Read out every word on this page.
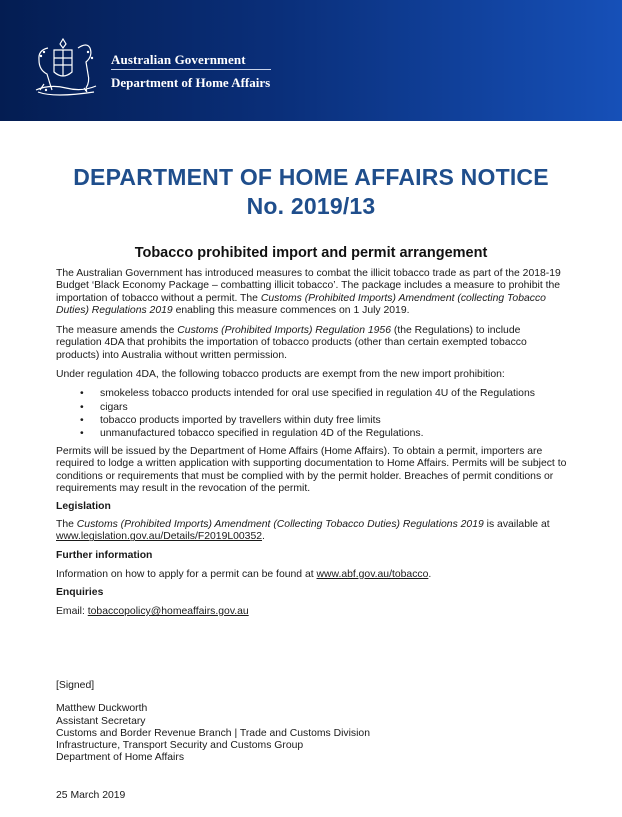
Australian Government
Department of Home Affairs
DEPARTMENT OF HOME AFFAIRS NOTICE
No. 2019/13
Tobacco prohibited import and permit arrangement
The Australian Government has introduced measures to combat the illicit tobacco trade as part of the 2018-19 Budget ‘Black Economy Package – combatting illicit tobacco’. The package includes a measure to prohibit the importation of tobacco without a permit. The Customs (Prohibited Imports) Amendment (collecting Tobacco Duties) Regulations 2019 enabling this measure commences on 1 July 2019.
The measure amends the Customs (Prohibited Imports) Regulation 1956 (the Regulations) to include regulation 4DA that prohibits the importation of tobacco products (other than certain exempted tobacco products) into Australia without written permission.
Under regulation 4DA, the following tobacco products are exempt from the new import prohibition:
• smokeless tobacco products intended for oral use specified in regulation 4U of the Regulations
• cigars
• tobacco products imported by travellers within duty free limits
• unmanufactured tobacco specified in regulation 4D of the Regulations.
Permits will be issued by the Department of Home Affairs (Home Affairs). To obtain a permit, importers are required to lodge a written application with supporting documentation to Home Affairs. Permits will be subject to conditions or requirements that must be complied with by the permit holder. Breaches of permit conditions or requirements may result in the revocation of the permit.
Legislation
The Customs (Prohibited Imports) Amendment (Collecting Tobacco Duties) Regulations 2019 is available at
www.legislation.gov.au/Details/F2019L00352.
Further information
Information on how to apply for a permit can be found at www.abf.gov.au/tobacco.
Enquiries
Email: tobaccopolicy@homeaffairs.gov.au
[Signed]
Matthew Duckworth
Assistant Secretary
Customs and Border Revenue Branch | Trade and Customs Division
Infrastructure, Transport Security and Customs Group
Department of Home Affairs
25 March 2019
